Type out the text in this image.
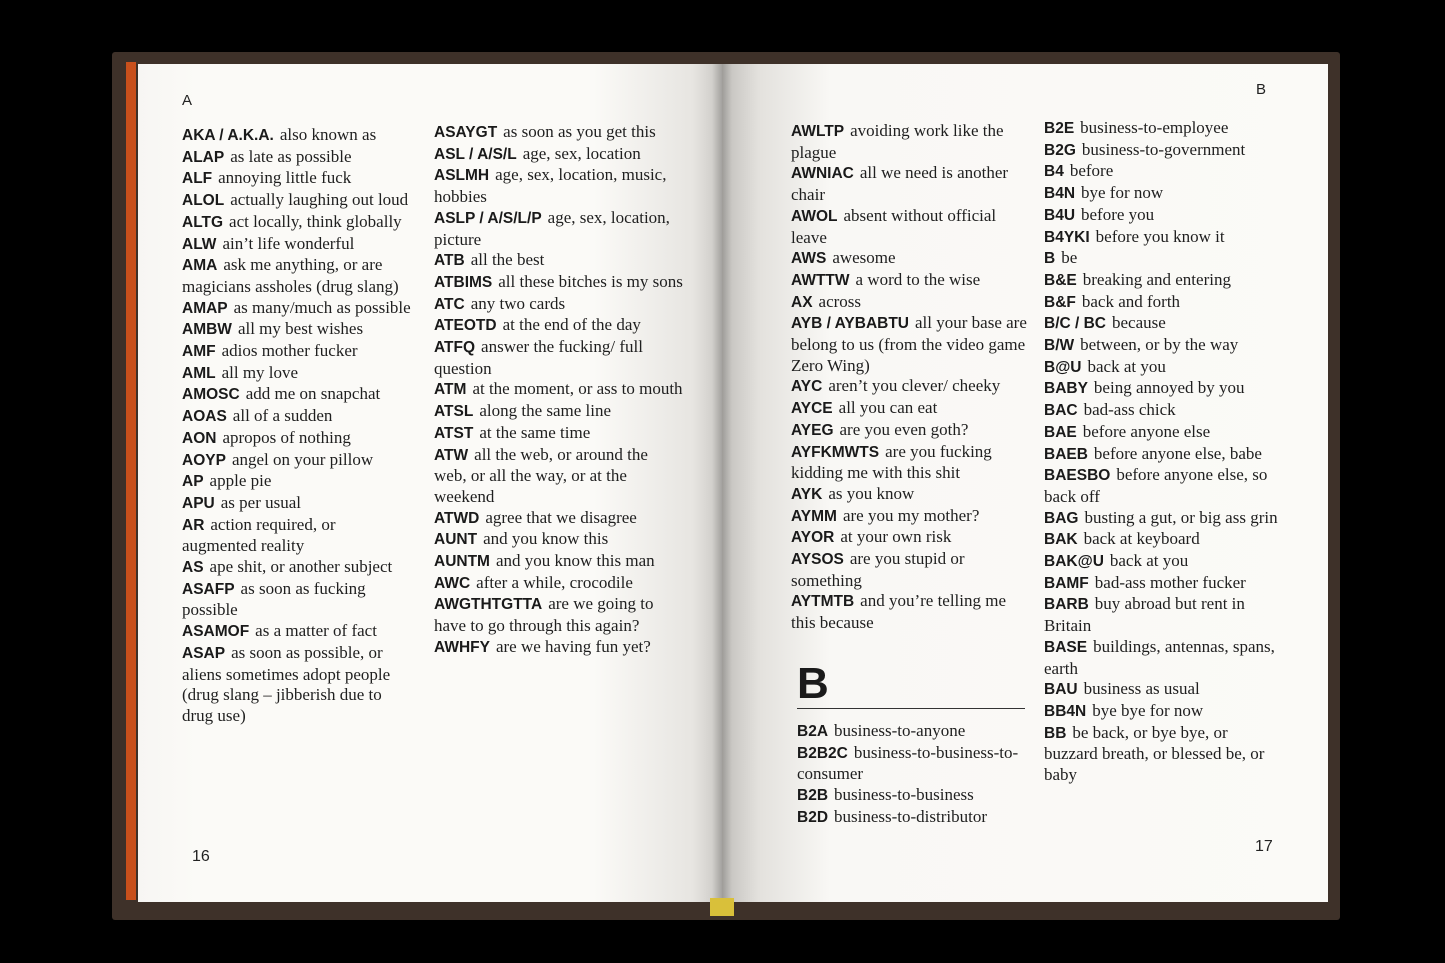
A

AKA / A.K.A. also known as

ALAP as late as possible

ALF annoying little fuck

ALOL actually laughing out loud

ALTG act locally, think globally

ALW ain’t life wonderful

AMA ask me anything, or are magicians assholes (drug slang)

AMAP as many/much as possible

AMBW all my best wishes

AMF adios mother fucker

AML all my love

AMOSC add me on snapchat

AOAS all of a sudden

AON apropos of nothing

AOYP angel on your pillow

AP apple pie

APU as per usual

AR action required, or augmented reality

AS ape shit, or another subject

ASAFP as soon as fucking possible

ASAMOF as a matter of fact

ASAP as soon as possible, or aliens sometimes adopt people (drug slang – jibberish due to drug use)

ASAYGT as soon as you get this

ASL / A/S/L age, sex, location

ASLMH age, sex, location, music, hobbies

ASLP / A/S/L/P age, sex, location, picture

ATB all the best

ATBIMS all these bitches is my sons

ATC any two cards

ATEOTD at the end of the day

ATFQ answer the fucking/ full question

ATM at the moment, or ass to mouth

ATSL along the same line

ATST at the same time

ATW all the web, or around the web, or all the way, or at the weekend

ATWD agree that we disagree

AUNT and you know this

AUNTM and you know this man

AWC after a while, crocodile

AWGTHTGTTA are we going to have to go through this again?

AWHFY are we having fun yet?

16
B

AWLTP avoiding work like the plague

AWNIAC all we need is another chair

AWOL absent without official leave

AWS awesome

AWTTW a word to the wise

AX across

AYB / AYBABTU all your base are belong to us (from the video game Zero Wing)

AYC aren’t you clever/ cheeky

AYCE all you can eat

AYEG are you even goth?

AYFKMWTS are you fucking kidding me with this shit

AYK as you know

AYMM are you my mother?

AYOR at your own risk

AYSOS are you stupid or something

AYTMTB and you’re telling me this because

B

B2A business-to-anyone

B2B2C business-to-business-to-consumer

B2B business-to-business

B2D business-to-distributor

B2E business-to-employee

B2G business-to-government

B4 before

B4N bye for now

B4U before you

B4YKI before you know it

B be

B&E breaking and entering

B&F back and forth

B/C / BC because

B/W between, or by the way

B@U back at you

BABY being annoyed by you

BAC bad-ass chick

BAE before anyone else

BAEB before anyone else, babe

BAESBO before anyone else, so back off

BAG busting a gut, or big ass grin

BAK back at keyboard

BAK@U back at you

BAMF bad-ass mother fucker

BARB buy abroad but rent in Britain

BASE buildings, antennas, spans, earth

BAU business as usual

BB4N bye bye for now

BB be back, or bye bye, or buzzard breath, or blessed be, or baby

17
